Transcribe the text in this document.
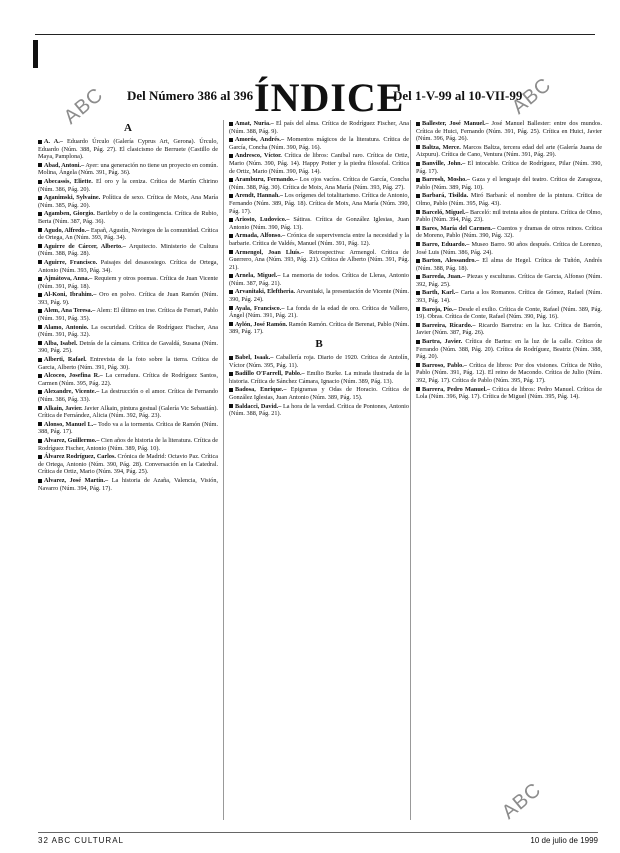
ABC	ABC
ABC
Del Número 386 al 396 ÍNDICE
Del 1-V-99 al 10-VII-99
A

A. A.– Eduardo Úrculo (Galería Cyprus Art, Gerona). Úrculo, Eduardo (Núm. 388, Pág. 27). El clasicismo de Berruete (Castillo de Maya, Pamplona).

Abad, Antoni.– Ayer: una generación no tiene un proyecto en común. Molina, Ángela (Núm. 391, Pág. 36).

Abecassis, Eliette. El oro y la ceniza. Crítica de Martín Chirino (Núm. 386, Pág. 20).

Aganimski, Sylvaine. Política de sexo. Crítica de Moix, Ana María (Núm. 385, Pág. 20).

Agamben, Giorgio. Bartleby o de la contingencia. Crítica de Rubio, Berta (Núm. 387, Pág. 36).

Agudo, Alfredo.– Españ, Agustín, Noviegos de la comunidad. Crítica de Ortega, An (Núm. 393, Pág. 34).

Aguirre de Cárcer, Alberto.– Arquitecto. Ministerio de Cultura (Núm. 388, Pág. 28).

Aguirre, Francisco. Paisajes del desasosiego. Crítica de Ortega, Antonio (Núm. 393, Pág. 34).

Ajmátova, Anna.– Requiem y otros poemas. Crítica de Juan Vicente (Núm. 391, Pág. 18).

Al-Koni, Ibrahim.– Oro en polvo. Crítica de Juan Ramón (Núm. 393, Pág. 9).

Alem, Ana Teresa.– Alem: El último en irse. Crítica de Ferrari, Pablo (Núm. 391, Pág. 35).

Alamo, Antonio. La oscuridad. Crítica de Rodríguez Fischer, Ana (Núm. 391, Pág. 32).

Alba, Isabel. Detrás de la cámara. Crítica de Gavaldá, Susana (Núm. 390, Pág. 25).

Alberti, Rafael. Entrevista de la foto sobre la tierra. Crítica de Garcia, Alberto (Núm. 391, Pág. 30).

Alcoceo, Josefina R.– La cerradura. Crítica de Rodríguez Santos, Carmen (Núm. 395, Pág. 22).

Alexandre, Vicente.– La destrucción o el amor. Crítica de Fernando (Núm. 386, Pág. 33).

Alkain, Javier. Javier Alkain, pintura gestual (Galería Vic Sebastián). Crítica de Fernández, Alicia (Núm. 392, Pág. 23).

Alonso, Manuel L.– Todo va a la tormenta. Crítica de Ramón (Núm. 388, Pág. 17).

Alvarez, Guillermo.– Cien años de historia de la literatura. Crítica de Rodríguez Fischer, Antonio (Núm. 389, Pág. 10).

Álvarez Rodríguez, Carlos. Crónica de Madrid: Octavio Paz. Crítica de Ortega, Antonio (Núm. 390, Pág. 28). Conversación en la Catedral. Crítica de Ortiz, Mario (Núm. 394, Pág. 25).

Alvarez, José Martín.– La historia de Azaña, Valencia, Visión, Navarro (Núm. 394, Pág. 17).

Amat, Nuria.– El país del alma. Crítica de Rodríguez Fischer, Ana (Núm. 388, Pág. 9).

Amorós, Andrés.– Momentos mágicos de la literatura. Crítica de García, Concha (Núm. 390, Pág. 16).

Andresco, Víctor. Crítica de libros: Canibal raro. Crítica de Ortiz, Mario (Núm. 390, Pág. 14). Happy Potter y la piedra filosofal. Crítica de Ortiz, Mario (Núm. 390, Pág. 14).

Aramburu, Fernando.– Los ojos vacíos. Crítica de García, Concha (Núm. 388, Pág. 30). Crítica de Moix, Ana María (Núm. 393, Pág. 27).

Arendt, Hannah.– Los orígenes del totalitarismo. Crítica de Antonio, Fernando (Núm. 389, Pág. 18). Crítica de Moix, Ana María (Núm. 390, Pág. 17).

Ariosto, Ludovico.– Sátiras. Crítica de González Iglesias, Juan Antonio (Núm. 390, Pág. 13).

Armada, Alfonso.– Crónica de supervivencia entre la necesidad y la barbarie. Crítica de Valdés, Manuel (Núm. 391, Pág. 12).

Armengol, Joan Lluís.– Retrospectiva: Armengol. Crítica de Guerrero, Ana (Núm. 393, Pág. 21). Crítica de Alberto (Núm. 391, Pág. 21).

Arnela, Miguel.– La memoria de todos. Crítica de Lleras, Antonio (Núm. 387, Pág. 21).

Arvanitaki, Eleftheria. Arvanitaki, la presentación de Vicente (Núm. 390, Pág. 24).

Ayala, Francisco.– La fonda de la edad de oro. Crítica de Vallero, Ángel (Núm. 391, Pág. 21).

Aylón, José Ramón. Ramón Ramón. Crítica de Berenat, Pablo (Núm. 389, Pág. 17).

B

Babel, Isaak.– Caballería roja. Diario de 1920. Crítica de Antolín, Víctor (Núm. 395, Pág. 11).

Badillo O'Farrell, Pablo.– Emilio Burke. La mirada ilustrada de la historia. Crítica de Sánchez Cámara, Ignacio (Núm. 389, Pág. 13).

Badosa, Enrique.– Epigramas y Odas de Horacio. Crítica de González Iglesias, Juan Antonio (Núm. 389, Pág. 15).

Baldacci, David.– La hora de la verdad. Crítica de Pontones, Antonio (Núm. 388, Pág. 21).

Ballester, José Manuel.– José Manuel Ballester: entre dos mundos. Crítica de Huici, Fernando (Núm. 391, Pág. 25). Crítica en Huici, Javier (Núm. 396, Pág. 26).

Baltza, Merce. Marcos Baltza, tercera edad del arte (Galería Juana de Aizpuru). Crítica de Cano, Ventura (Núm. 391, Pág. 29).

Banville, John.– El intocable. Crítica de Rodríguez, Pilar (Núm. 390, Pág. 17).

Barrosh, Mosho.– Gaza y el lenguaje del teatro. Crítica de Zaragoza, Pablo (Núm. 389, Pág. 10).

Barbará, Tisilda. Miró Barbará: el nombre de la pintura. Crítica de Olmo, Pablo (Núm. 395, Pág. 43).

Barceló, Miguel.– Barceló: mil treinta años de pintura. Crítica de Olmo, Pablo (Núm. 394, Pág. 23).

Bares, María del Carmen.– Cuentos y dramas de otros reinos. Crítica de Moreno, Pablo (Núm. 390, Pág. 32).

Barro, Eduardo.– Museo Barro. 90 años después. Crítica de Lorenzo, José Luis (Núm. 386, Pág. 24).

Barton, Alessandro.– El alma de Hegel. Crítica de Tuñón, Andrés (Núm. 388, Pág. 18).

Barreda, Juan.– Piezas y esculturas. Crítica de Garcia, Alfonso (Núm. 392, Pág. 25).

Barth, Karl.– Carta a los Romanos. Crítica de Gómez, Rafael (Núm. 393, Pág. 14).

Baroja, Pío.– Desde el exilio. Crítica de Conte, Rafael (Núm. 389, Pág. 19). Obras. Crítica de Conte, Rafael (Núm. 390, Pág. 16).

Barreira, Ricardo.– Ricardo Barreira: en la luz. Crítica de Barrón, Javier (Núm. 387, Pág. 26).

Bartra, Javier. Crítica de Bartra: en la luz de la calle. Crítica de Ferrando (Núm. 388, Pág. 20). Crítica de Rodríguez, Beatriz (Núm. 388, Pág. 20).

Barroso, Pablo.– Crítica de libros: Por dos visiones. Crítica de Niño, Pablo (Núm. 391, Pág. 12). El reino de Macondo. Crítica de Julio (Núm. 392, Pág. 17). Crítica de Pablo (Núm. 395, Pág. 17).

Barrera, Pedro Manuel.– Crítica de libros: Pedro Manuel. Crítica de Lola (Núm. 396, Pág. 17). Crítica de Miguel (Núm. 395, Pág. 14).

32 ABC CULTURAL	10 de julio de 1999
